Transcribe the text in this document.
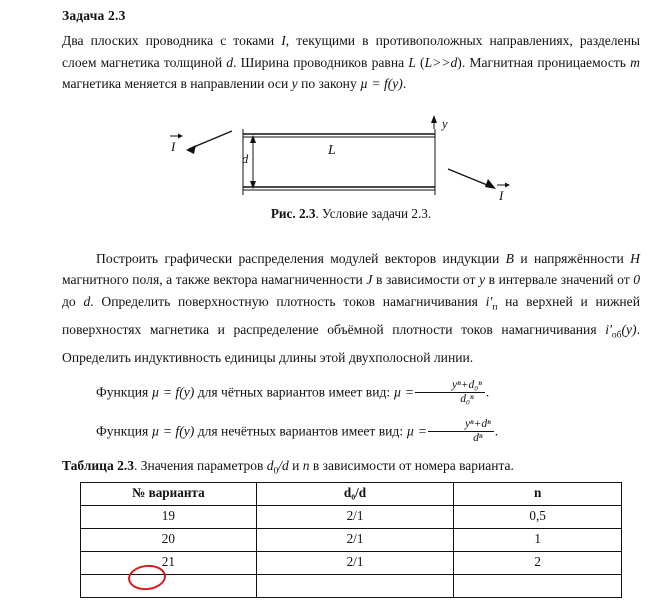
Задача 2.3

Два плоских проводника с токами I, текущими в противоположных направлениях, разделены слоем магнетика толщиной d. Ширина проводников равна L (L>>d). Магнитная проницаемость m магнетика меняется в направлении оси y по закону µ = f(y).

I
I
d
L
y

Рис. 2.3. Условие задачи 2.3.

Построить графически распределения модулей векторов индукции B и напряжённости H магнитного поля, а также вектора намагниченности J в зависимости от y в интервале значений от 0 до d. Определить поверхностную плотность токов намагничивания $i'_п$ на верхней и нижней поверхностях магнетика и распределение объёмной плотности токов намагничивания $i'_{об}(y)$. Определить индуктивность единицы длины этой двухполосной линии.

Функция µ = f(y) для чётных вариантов имеет вид: $\mu = \frac{\text{yⁿ+d₀ⁿ}}{\text{d₀ⁿ}}$ .

Функция µ = f(y) для нечётных вариантов имеет вид: $\mu = \frac{\text{yⁿ+dⁿ}}{\text{dⁿ}}$ .

Таблица 2.3. Значения параметров $d_0/d$ и n в зависимости от номера варианта.

№ варианта	d₀/d	n
19	2/1	0,5
20	2/1	1
21	2/1	2
